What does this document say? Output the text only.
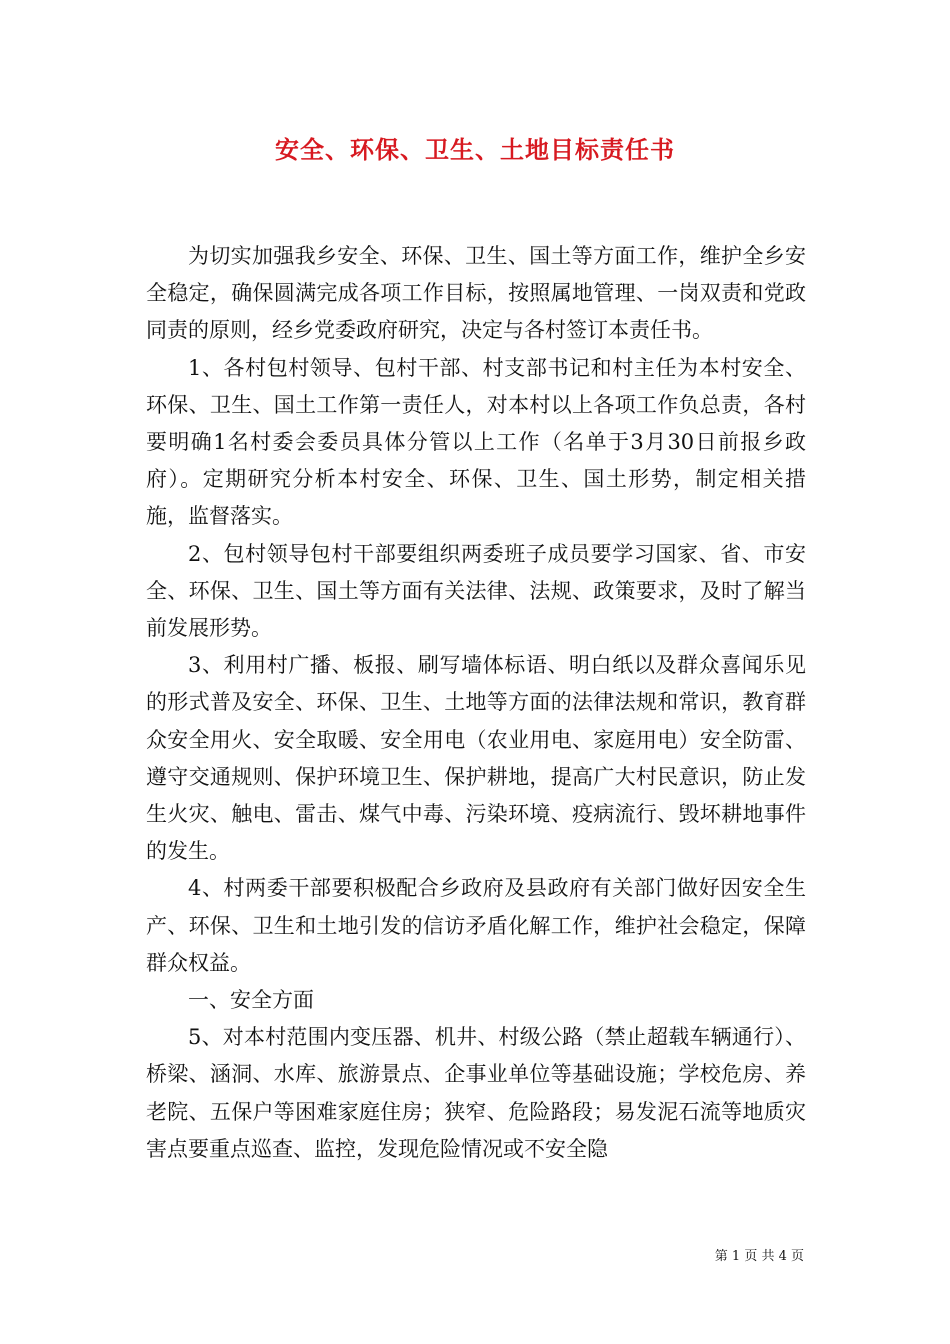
安全、环保、卫生、土地目标责任书

为切实加强我乡安全、环保、卫生、国土等方面工作，维护全乡安全稳定，确保圆满完成各项工作目标，按照属地管理、一岗双责和党政同责的原则，经乡党委政府研究，决定与各村签订本责任书。

1、各村包村领导、包村干部、村支部书记和村主任为本村安全、环保、卫生、国土工作第一责任人，对本村以上各项工作负总责，各村要明确1名村委会委员具体分管以上工作（名单于3月30日前报乡政府）。定期研究分析本村安全、环保、卫生、国土形势，制定相关措施，监督落实。

2、包村领导包村干部要组织两委班子成员要学习国家、省、市安全、环保、卫生、国土等方面有关法律、法规、政策要求，及时了解当前发展形势。

3、利用村广播、板报、刷写墙体标语、明白纸以及群众喜闻乐见的形式普及安全、环保、卫生、土地等方面的法律法规和常识，教育群众安全用火、安全取暖、安全用电（农业用电、家庭用电）安全防雷、遵守交通规则、保护环境卫生、保护耕地，提高广大村民意识，防止发生火灾、触电、雷击、煤气中毒、污染环境、疫病流行、毁坏耕地事件的发生。

4、村两委干部要积极配合乡政府及县政府有关部门做好因安全生产、环保、卫生和土地引发的信访矛盾化解工作，维护社会稳定，保障群众权益。

一、安全方面

5、对本村范围内变压器、机井、村级公路（禁止超载车辆通行）、桥梁、涵洞、水库、旅游景点、企事业单位等基础设施；学校危房、养老院、五保户等困难家庭住房；狭窄、危险路段；易发泥石流等地质灾害点要重点巡查、监控，发现危险情况或不安全隐

第 1 页 共 4 页
